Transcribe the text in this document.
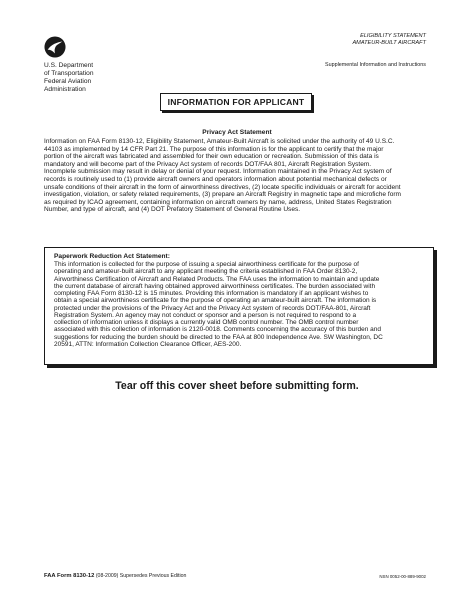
U.S. Department
of Transportation
Federal Aviation
Administration
ELIGIBILITY STATEMENT
AMATEUR-BUILT AIRCRAFT
Supplemental Information and Instructions
INFORMATION FOR APPLICANT
Privacy Act Statement
Information on FAA Form 8130-12, Eligibility Statement, Amateur-Built Aircraft is solicited under the authority of 49 U.S.C.
44103 as implemented by 14 CFR Part 21. The purpose of this information is for the applicant to certify that the major
portion of the aircraft was fabricated and assembled for their own education or recreation. Submission of this data is
mandatory and will become part of the Privacy Act system of records DOT/FAA 801, Aircraft Registration System.
Incomplete submission may result in delay or denial of your request. Information maintained in the Privacy Act system of
records is routinely used to (1) provide aircraft owners and operators information about potential mechanical defects or
unsafe conditions of their aircraft in the form of airworthiness directives, (2) locate specific individuals or aircraft for accident
investigation, violation, or safety related requirements, (3) prepare an Aircraft Registry in magnetic tape and microfiche form
as required by ICAO agreement, containing information on aircraft owners by name, address, United States Registration
Number, and type of aircraft, and (4) DOT Prefatory Statement of General Routine Uses.
Paperwork Reduction Act Statement:
This information is collected for the purpose of issuing a special airworthiness certificate for the purpose of
operating and amateur-built aircraft to any applicant meeting the criteria established in FAA Order 8130-2,
Airworthiness Certification of Aircraft and Related Products. The FAA uses the information to maintain and update
the current database of aircraft having obtained approved airworthiness certificates. The burden associated with
completing FAA Form 8130-12 is 15 minutes. Providing this information is mandatory if an applicant wishes to
obtain a special airworthiness certificate for the purpose of operating an amateur-built aircraft. The information is
protected under the provisions of the Privacy Act and the Privacy Act system of records DOT/FAA-801, Aircraft
Registration System. An agency may not conduct or sponsor and a person is not required to respond to a
collection of information unless it displays a currently valid OMB control number. The OMB control number
associated with this collection of information is 2120-0018. Comments concerning the accuracy of this burden and
suggestions for reducing the burden should be directed to the FAA at 800 Independence Ave. SW Washington, DC
20591, ATTN: Information Collection Clearance Officer, AES-200.
Tear off this cover sheet before submitting form.
FAA Form 8130-12 (08-2009) Supersedes Previous Edition	NSN 0052-00-889-9002
